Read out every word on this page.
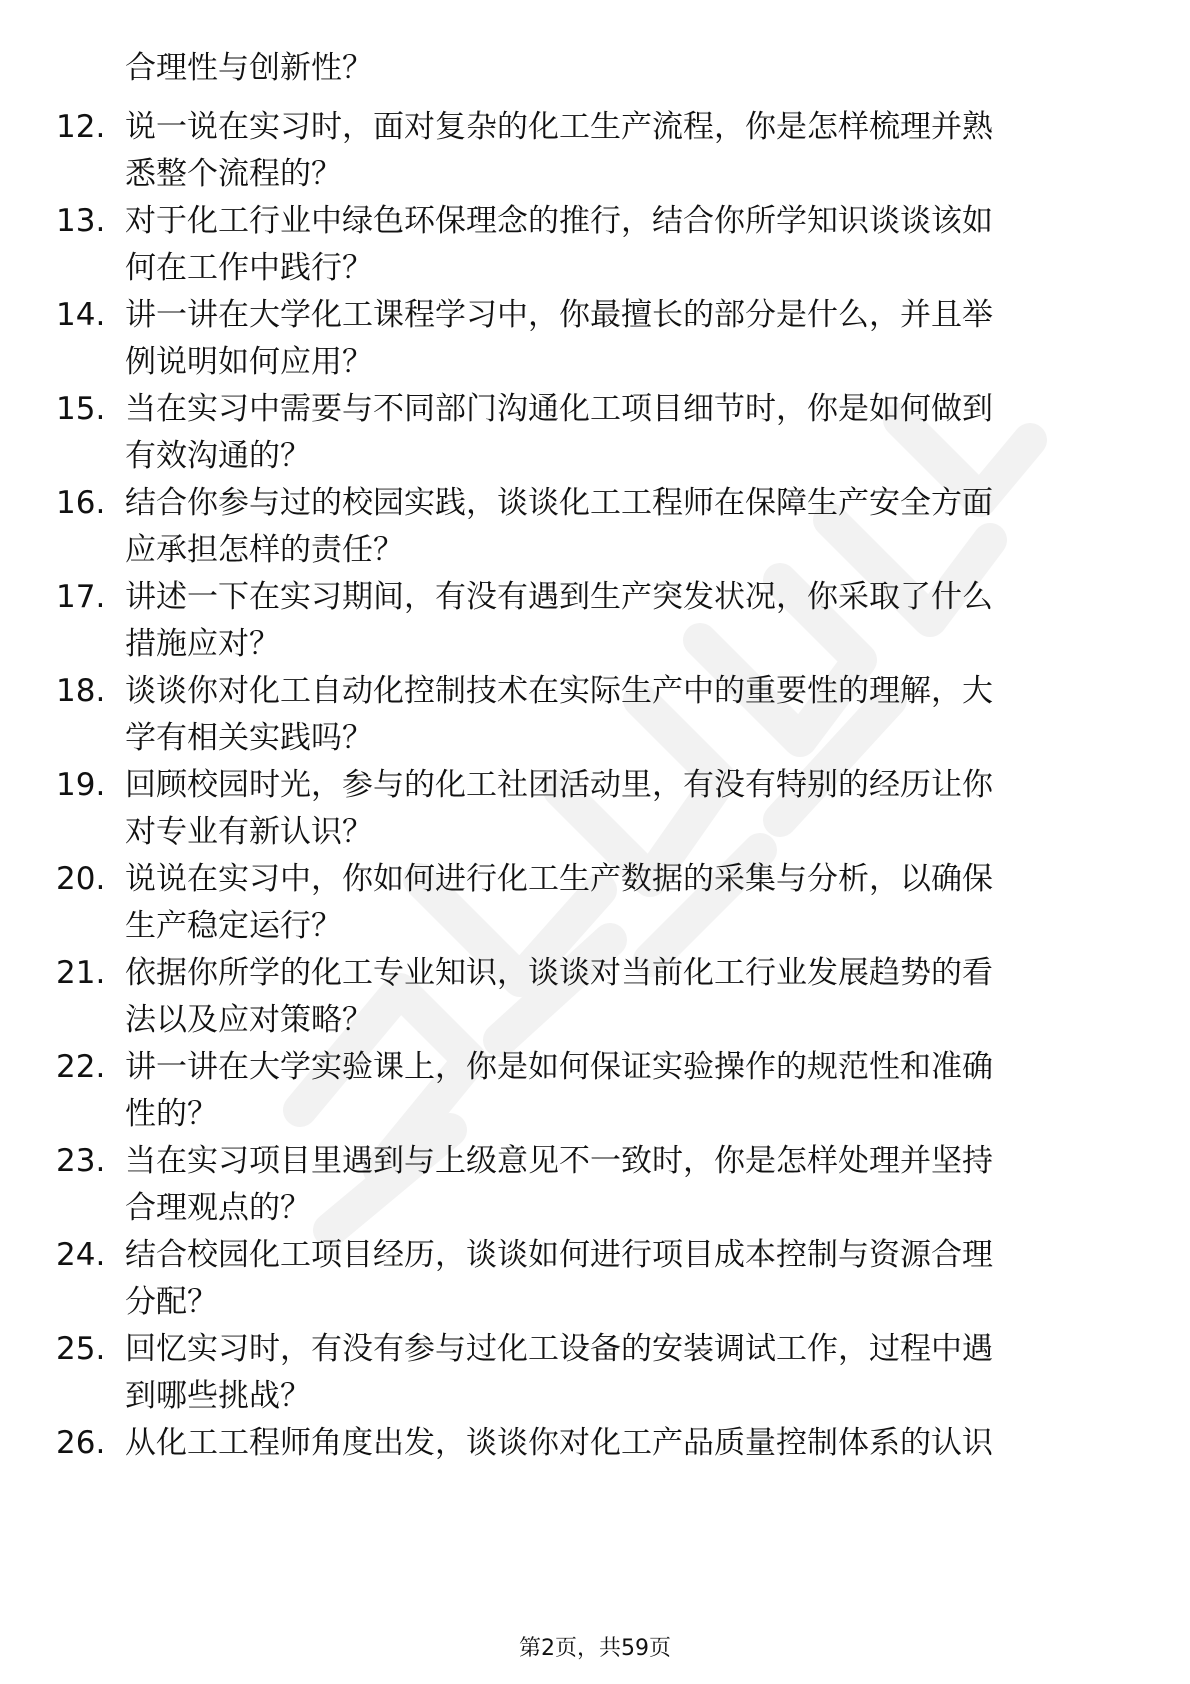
合理性与创新性？
12. 说一说在实习时，面对复杂的化工生产流程，你是怎样梳理并熟
悉整个流程的？
13. 对于化工行业中绿色环保理念的推行，结合你所学知识谈谈该如
何在工作中践行？
14. 讲一讲在大学化工课程学习中，你最擅长的部分是什么，并且举
例说明如何应用？
15. 当在实习中需要与不同部门沟通化工项目细节时，你是如何做到
有效沟通的？
16. 结合你参与过的校园实践，谈谈化工工程师在保障生产安全方面
应承担怎样的责任？
17. 讲述一下在实习期间，有没有遇到生产突发状况，你采取了什么
措施应对？
18. 谈谈你对化工自动化控制技术在实际生产中的重要性的理解，大
学有相关实践吗？
19. 回顾校园时光，参与的化工社团活动里，有没有特别的经历让你
对专业有新认识？
20. 说说在实习中，你如何进行化工生产数据的采集与分析，以确保
生产稳定运行？
21. 依据你所学的化工专业知识，谈谈对当前化工行业发展趋势的看
法以及应对策略？
22. 讲一讲在大学实验课上，你是如何保证实验操作的规范性和准确
性的？
23. 当在实习项目里遇到与上级意见不一致时，你是怎样处理并坚持
合理观点的？
24. 结合校园化工项目经历，谈谈如何进行项目成本控制与资源合理
分配？
25. 回忆实习时，有没有参与过化工设备的安装调试工作，过程中遇
到哪些挑战？
26. 从化工工程师角度出发，谈谈你对化工产品质量控制体系的认识
第2页，共59页
